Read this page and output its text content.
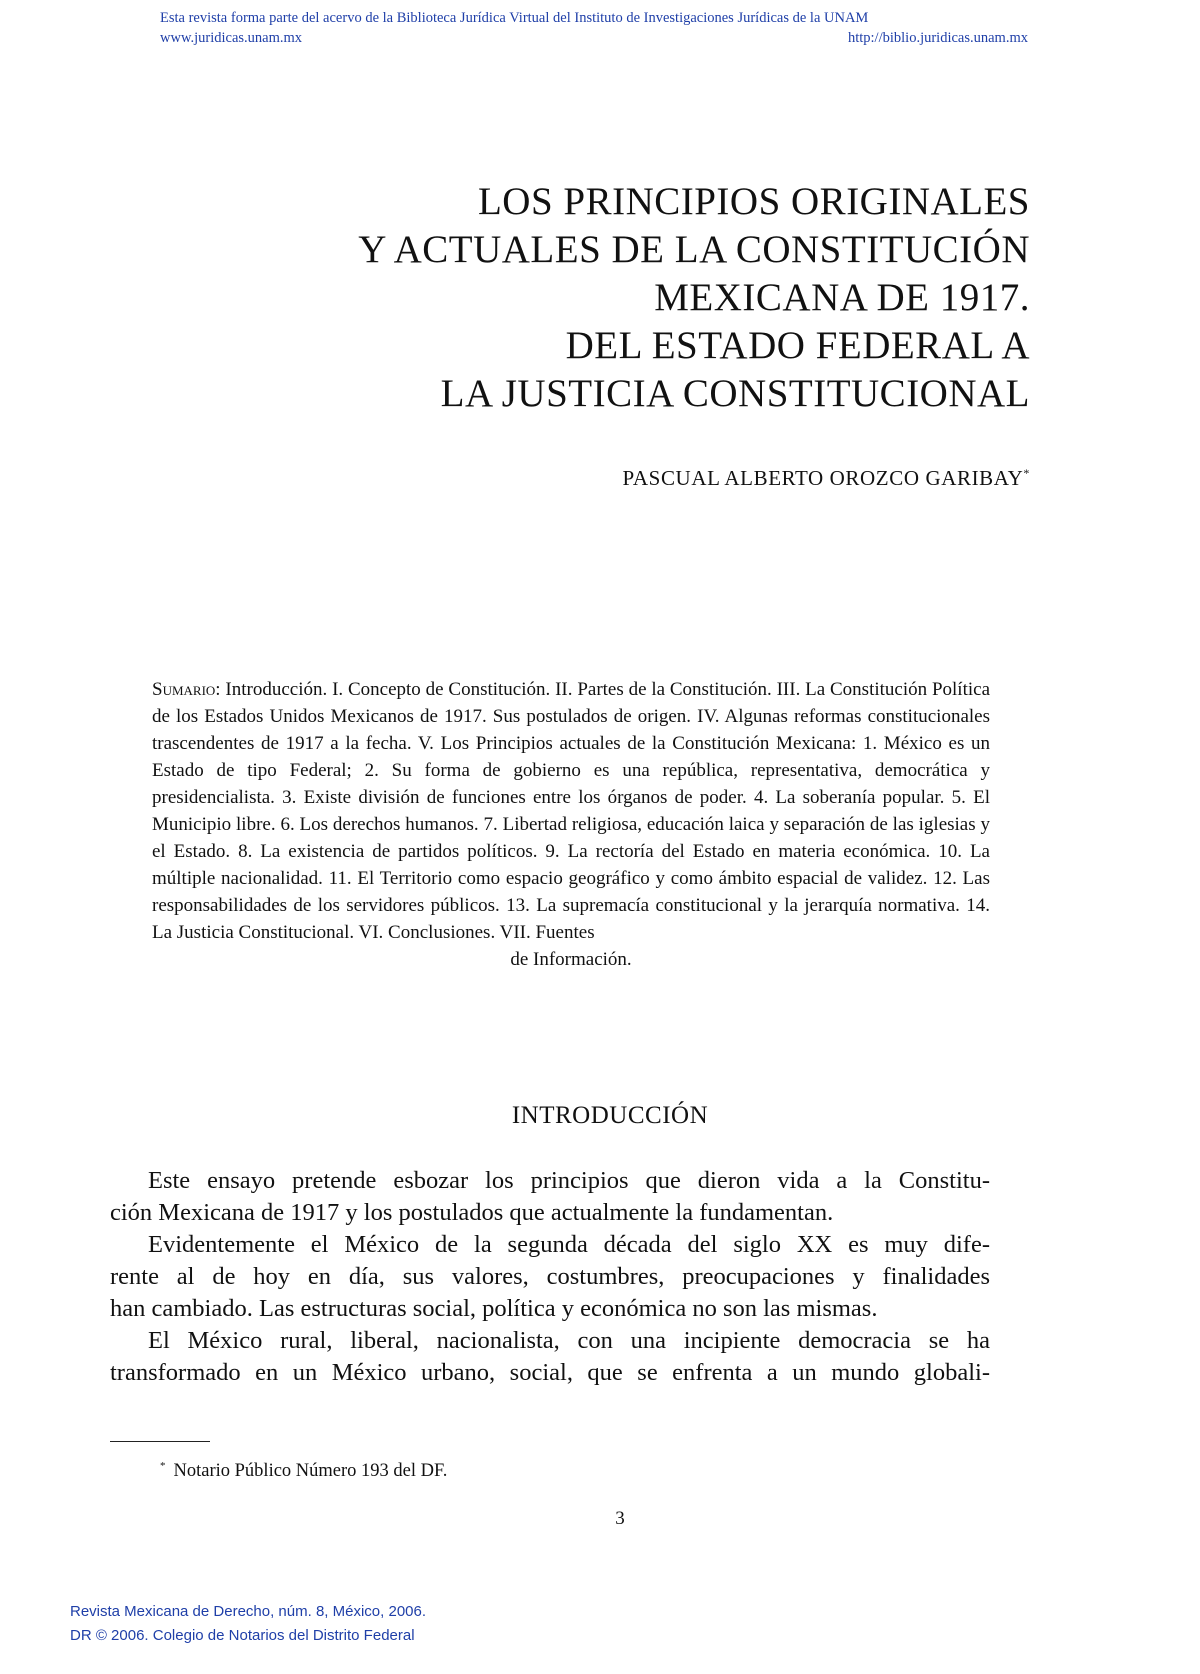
Esta revista forma parte del acervo de la Biblioteca Jurídica Virtual del Instituto de Investigaciones Jurídicas de la UNAM
www.juridicas.unam.mx	http://biblio.juridicas.unam.mx
LOS PRINCIPIOS ORIGINALES
Y ACTUALES DE LA CONSTITUCIÓN
MEXICANA DE 1917.
DEL ESTADO FEDERAL A
LA JUSTICIA CONSTITUCIONAL
PASCUAL ALBERTO OROZCO GARIBAY*
Sumario: Introducción. I. Concepto de Constitución. II. Partes de la Constitución. III. La Constitución Política de los Estados Unidos Mexicanos de 1917. Sus postulados de origen. IV. Algunas reformas constitucionales trascendentes de 1917 a la fecha. V. Los Principios actuales de la Constitución Mexicana: 1. México es un Estado de tipo Federal; 2. Su forma de gobierno es una república, representativa, democrática y presidencialista. 3. Existe división de funciones entre los órganos de poder. 4. La soberanía popular. 5. El Municipio libre. 6. Los derechos humanos. 7. Libertad religiosa, educación laica y separación de las iglesias y el Estado. 8. La existencia de partidos políticos. 9. La rectoría del Estado en materia económica. 10. La múltiple nacionalidad. 11. El Territorio como espacio geográfico y como ámbito espacial de validez. 12. Las responsabilidades de los servidores públicos. 13. La supremacía constitucional y la jerarquía normativa. 14. La Justicia Constitucional. VI. Conclusiones. VII. Fuentes
de Información.
INTRODUCCIÓN
Este ensayo pretende esbozar los principios que dieron vida a la Constitu-
ción Mexicana de 1917 y los postulados que actualmente la fundamentan.
Evidentemente el México de la segunda década del siglo XX es muy dife-
rente al de hoy en día, sus valores, costumbres, preocupaciones y finalidades
han cambiado. Las estructuras social, política y económica no son las mismas.
El México rural, liberal, nacionalista, con una incipiente democracia se ha
transformado en un México urbano, social, que se enfrenta a un mundo globali-
* Notario Público Número 193 del DF.
3
Revista Mexicana de Derecho, núm. 8, México, 2006.
DR © 2006. Colegio de Notarios del Distrito Federal
